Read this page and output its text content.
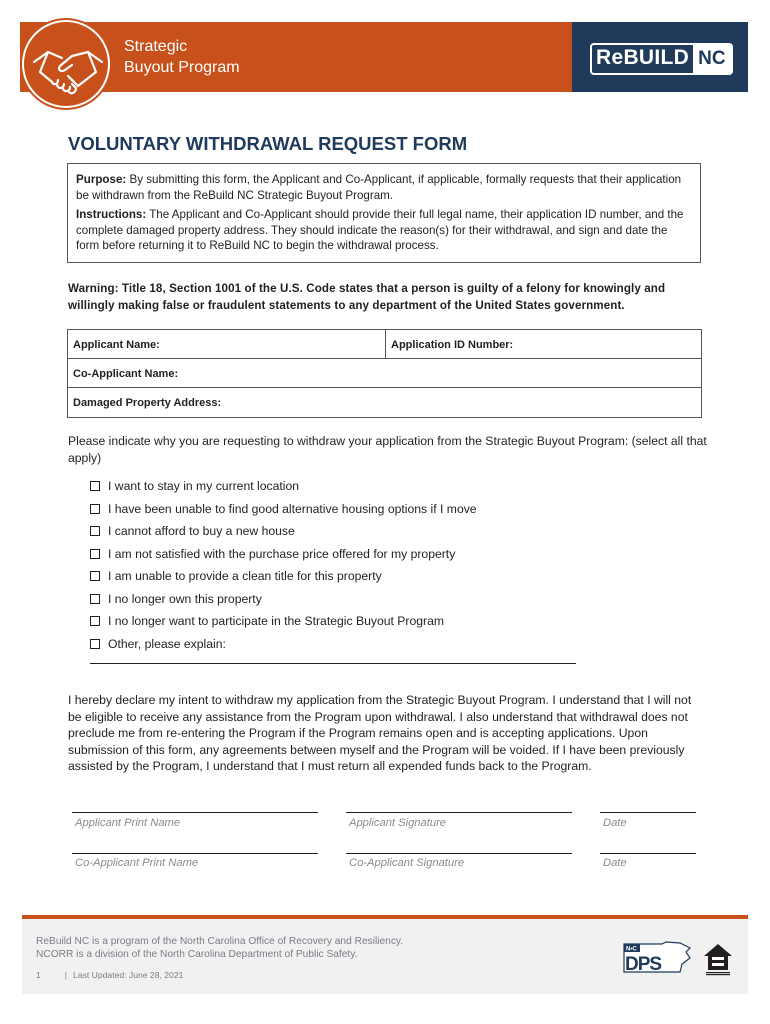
Strategic
Buyout Program	ReBUILD NC
VOLUNTARY WITHDRAWAL REQUEST FORM

Purpose: By submitting this form, the Applicant and Co-Applicant, if applicable, formally requests that their application be withdrawn from the ReBuild NC Strategic Buyout Program.

Instructions: The Applicant and Co-Applicant should provide their full legal name, their application ID number, and the complete damaged property address. They should indicate the reason(s) for their withdrawal, and sign and date the form before returning it to ReBuild NC to begin the withdrawal process.

Warning: Title 18, Section 1001 of the U.S. Code states that a person is guilty of a felony for knowingly and willingly making false or fraudulent statements to any department of the United States government.
Applicant Name:	Application ID Number:
Co-Applicant Name:
Damaged Property Address:
Please indicate why you are requesting to withdraw your application from the Strategic Buyout Program: (select all that apply)
I want to stay in my current location
I have been unable to find good alternative housing options if I move
I cannot afford to buy a new house
I am not satisfied with the purchase price offered for my property
I am unable to provide a clean title for this property
I no longer own this property
I no longer want to participate in the Strategic Buyout Program
Other, please explain:
I hereby declare my intent to withdraw my application from the Strategic Buyout Program. I understand that I will not be eligible to receive any assistance from the Program upon withdrawal. I also understand that withdrawal does not preclude me from re-entering the Program if the Program remains open and is accepting applications. Upon submission of this form, any agreements between myself and the Program will be voided. If I have been previously assisted by the Program, I understand that I must return all expended funds back to the Program.
Applicant Print Name	Applicant Signature	Date
Co-Applicant Print Name	Co-Applicant Signature	Date
ReBuild NC is a program of the North Carolina Office of Recovery and Resiliency.
NCORR is a division of the North Carolina Department of Public Safety.
1	| Last Updated: June 28, 2021
N•C
DPS
